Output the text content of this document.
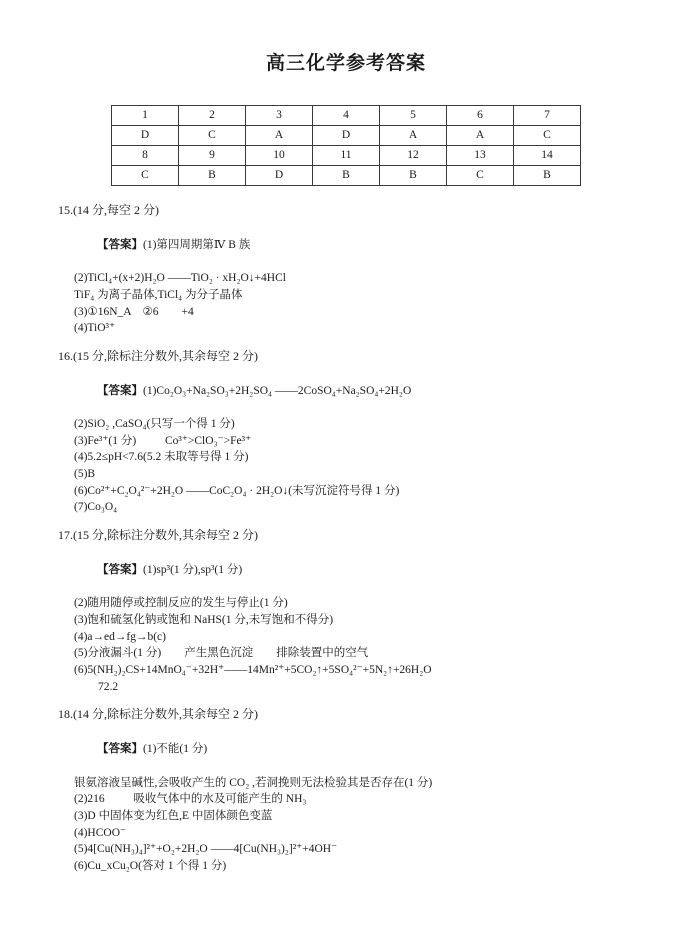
高三化学参考答案
1	2	3	4	5	6	7
D	C	A	D	A	A	C
8	9	10	11	12	13	14
C	B	D	B	B	C	B
15.(14 分,每空 2 分)

【答案】(1)第四周期第Ⅳ B 族

(2)TiCl₄+(x+2)H₂O ——TiO₂ · xH₂O↓+4HCl
TiF₄ 为离子晶体,TiCl₄ 为分子晶体
(3)①16N_A    ②6        +4
(4)TiO³⁺
16.(15 分,除标注分数外,其余每空 2 分)

【答案】(1)Co₂O₃+Na₂SO₃+2H₂SO₄ ——2CoSO₄+Na₂SO₄+2H₂O

(2)SiO₂ ,CaSO₄(只写一个得 1 分)
(3)Fe³⁺(1 分)          Co³⁺>ClO₃⁻>Fe³⁺
(4)5.2≤pH<7.6(5.2 未取等号得 1 分)
(5)B
(6)Co²⁺+C₂O₄²⁻+2H₂O ——CoC₂O₄ · 2H₂O↓(未写沉淀符号得 1 分)
(7)Co₃O₄
17.(15 分,除标注分数外,其余每空 2 分)

【答案】(1)sp³(1 分),sp³(1 分)

(2)随用随停或控制反应的发生与停止(1 分)
(3)饱和硫氢化钠或饱和 NaHS(1 分,未写饱和不得分)
(4)a→ed→fg→b(c)
(5)分液漏斗(1 分)        产生黑色沉淀        排除装置中的空气
(6)5(NH₂)₂CS+14MnO₄⁻+32H⁺——14Mn²⁺+5CO₂↑+5SO₄²⁻+5N₂↑+26H₂O
72.2
18.(14 分,除标注分数外,其余每空 2 分)

【答案】(1)不能(1 分)

银氨溶液呈碱性,会吸收产生的 CO₂ ,若洞挽则无法检验其是否存在(1 分)
(2)216          吸收气体中的水及可能产生的 NH₃
(3)D 中固体变为红色,E 中固体颜色变蓝
(4)HCOO⁻
(5)4[Cu(NH₃)₄]²⁺+O₂+2H₂O ——4[Cu(NH₃)₂]²⁺+4OH⁻
(6)Cu_xCu₂O(答对 1 个得 1 分)
